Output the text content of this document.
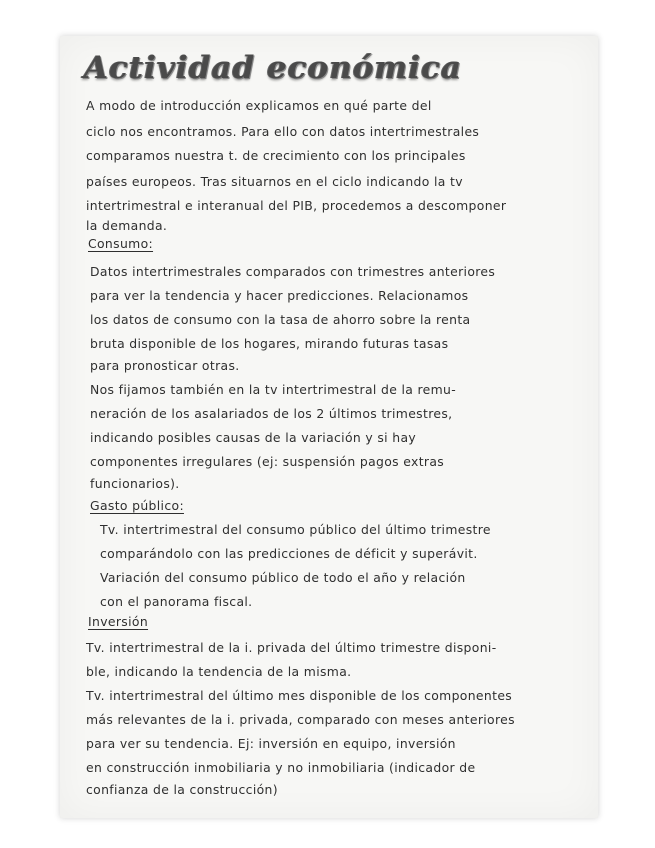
Actividad económica
A modo de introducción explicamos en qué parte del
ciclo nos encontramos. Para ello con datos intertrimestrales
comparamos nuestra t. de crecimiento con los principales
países europeos. Tras situarnos en el ciclo indicando la tv
intertrimestral e interanual del PIB, procedemos a descomponer
la demanda.
Consumo:
Datos intertrimestrales comparados con trimestres anteriores
para ver la tendencia y hacer predicciones. Relacionamos
los datos de consumo con la tasa de ahorro sobre la renta
bruta disponible de los hogares, mirando futuras tasas
para pronosticar otras.
Nos fijamos también en la tv intertrimestral de la remu-
neración de los asalariados de los 2 últimos trimestres,
indicando posibles causas de la variación y si hay
componentes irregulares (ej: suspensión pagos extras
funcionarios).
Gasto público:
Tv. intertrimestral del consumo público del último trimestre
comparándolo con las predicciones de déficit y superávit.
Variación del consumo público de todo el año y relación
con el panorama fiscal.
Inversión
Tv. intertrimestral de la i. privada del último trimestre disponi-
ble, indicando la tendencia de la misma.
Tv. intertrimestral del último mes disponible de los componentes
más relevantes de la i. privada, comparado con meses anteriores
para ver su tendencia. Ej: inversión en equipo, inversión
en construcción inmobiliaria y no inmobiliaria (indicador de
confianza de la construcción)
